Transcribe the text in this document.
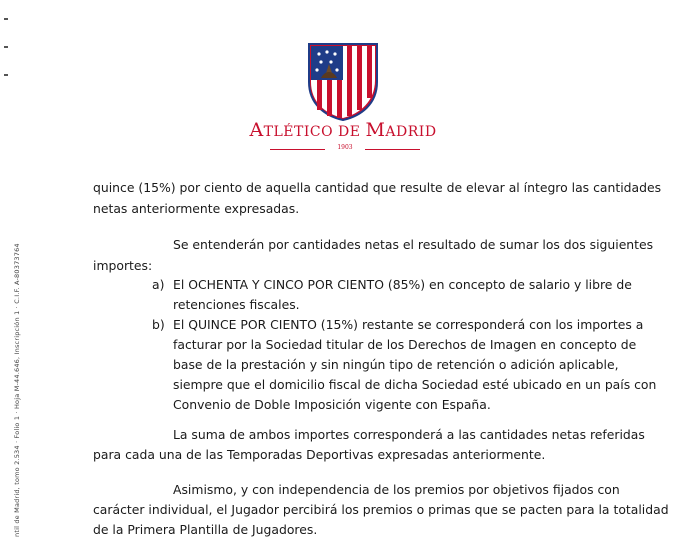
ntil de Madrid, tomo 2.534 · Folio 1 · Hoja M-44.646, Inscripción 1 · C.I.F. A-80373764
ATLÉTICO DE MADRID
1903
quince (15%) por ciento de aquella cantidad que resulte de elevar al íntegro las cantidades
netas anteriormente expresadas.
Se entenderán por cantidades netas el resultado de sumar los dos siguientes
importes:
a) El OCHENTA Y CINCO POR CIENTO (85%) en concepto de salario y libre de
retenciones fiscales.
b) El QUINCE POR CIENTO (15%) restante se corresponderá con los importes a
facturar por la Sociedad titular de los Derechos de Imagen en concepto de
base de la prestación y sin ningún tipo de retención o adición aplicable,
siempre que el domicilio fiscal de dicha Sociedad esté ubicado en un país con
Convenio de Doble Imposición vigente con España.
La suma de ambos importes corresponderá a las cantidades netas referidas
para cada una de las Temporadas Deportivas expresadas anteriormente.
Asimismo, y con independencia de los premios por objetivos fijados con
carácter individual, el Jugador percibirá los premios o primas que se pacten para la totalidad
de la Primera Plantilla de Jugadores.
